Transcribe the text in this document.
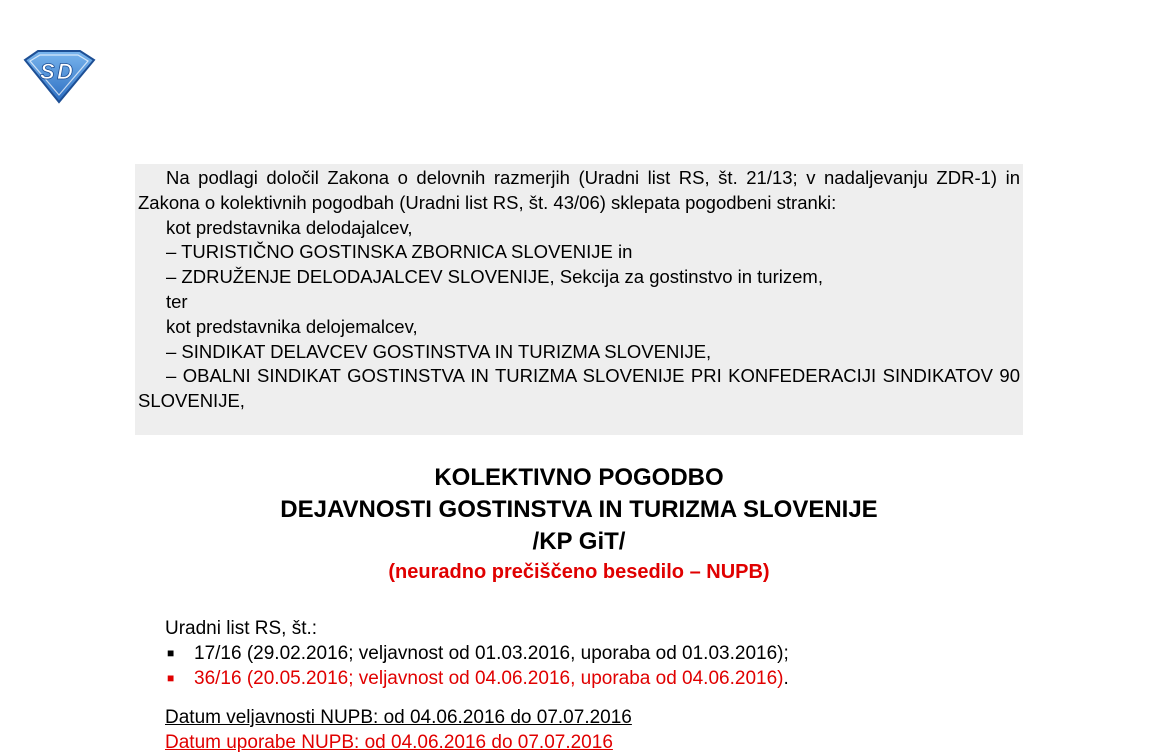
S D

Na podlagi določil Zakona o delovnih razmerjih (Uradni list RS, št. 21/13; v nadaljevanju ZDR-1) in Zakona o kolektivnih pogodbah (Uradni list RS, št. 43/06) sklepata pogodbeni stranki:

kot predstavnika delodajalcev,

– TURISTIČNO GOSTINSKA ZBORNICA SLOVENIJE in

– ZDRUŽENJE DELODAJALCEV SLOVENIJE, Sekcija za gostinstvo in turizem,

ter

kot predstavnika delojemalcev,

– SINDIKAT DELAVCEV GOSTINSTVA IN TURIZMA SLOVENIJE,

– OBALNI SINDIKAT GOSTINSTVA IN TURIZMA SLOVENIJE PRI KONFEDERACIJI SINDIKATOV 90 SLOVENIJE,

KOLEKTIVNO POGODBO

DEJAVNOSTI GOSTINSTVA IN TURIZMA SLOVENIJE

/KP GiT/

(neuradno prečiščeno besedilo – NUPB)

Uradni list RS, št.:

■ 17/16 (29.02.2016; veljavnost od 01.03.2016, uporaba od 01.03.2016);
■ 36/16 (20.05.2016; veljavnost od 04.06.2016, uporaba od 04.06.2016).
Datum veljavnosti NUPB: od 04.06.2016 do 07.07.2016
Datum uporabe NUPB: od 04.06.2016 do 07.07.2016
